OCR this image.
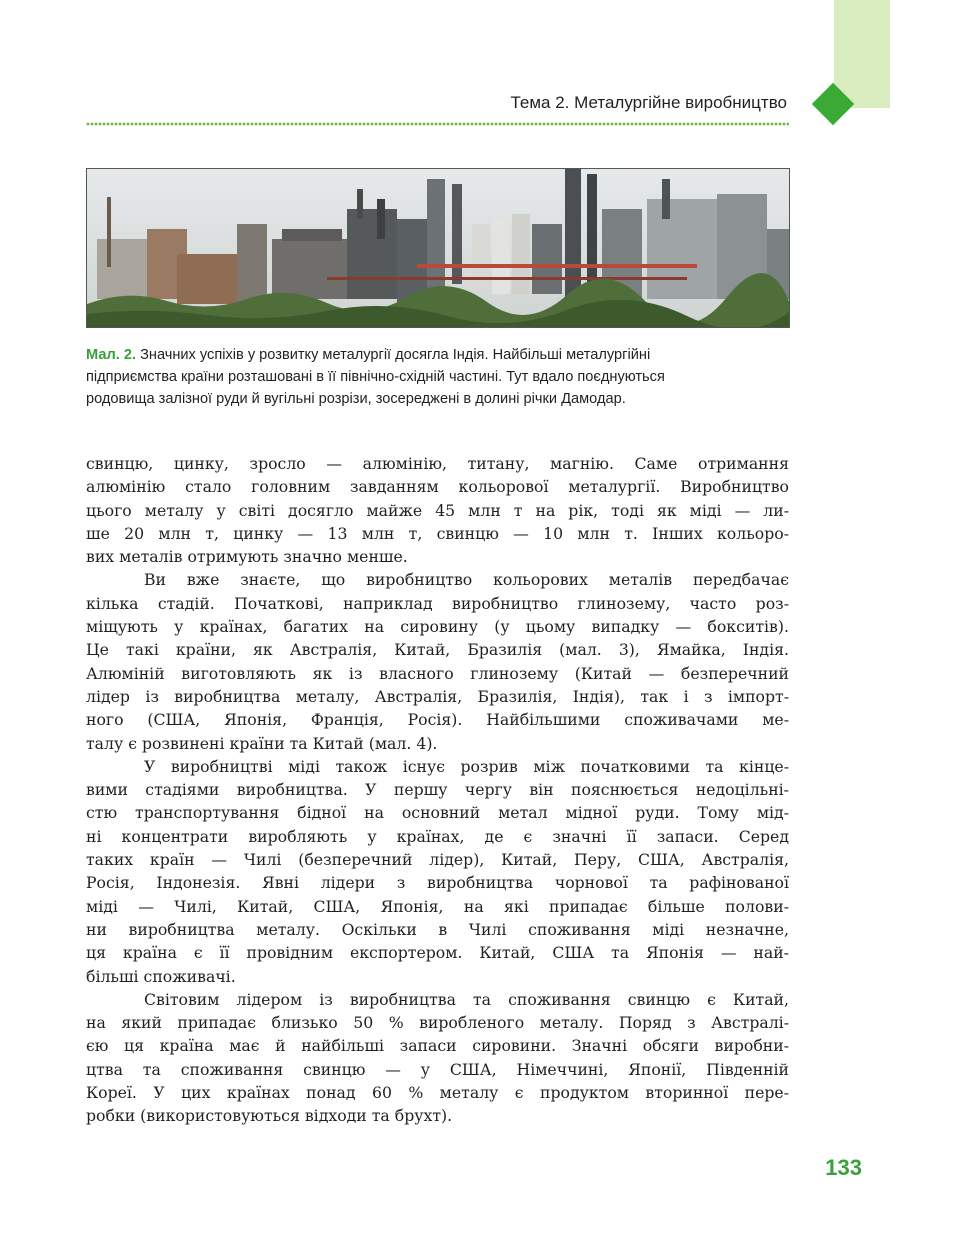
Тема 2. Металургійне виробництво
Мал. 2. Значних успіхів у розвитку металургії досягла Індія. Найбільші металургійні
підприємства країни розташовані в її північно-східній частині. Тут вдало поєднуються
родовища залізної руди й вугільні розрізи, зосереджені в долині річки Дамодар.

свинцю, цинку, зросло — алюмінію, титану, магнію. Саме отримання
алюмінію стало головним завданням кольорової металургії. Виробництво
цього металу у світі досягло майже 45 млн т на рік, тоді як міді — ли-
ше 20 млн т, цинку — 13 млн т, свинцю — 10 млн т. Інших кольоро-
вих металів отримують значно менше.

Ви вже знаєте, що виробництво кольорових металів передбачає
кілька стадій. Початкові, наприклад виробництво глинозему, часто роз-
міщують у країнах, багатих на сировину (у цьому випадку — бокситів).
Це такі країни, як Австралія, Китай, Бразилія (мал. 3), Ямайка, Індія.
Алюміній виготовляють як із власного глинозему (Китай — безперечний
лідер із виробництва металу, Австралія, Бразилія, Індія), так і з імпорт-
ного (США, Японія, Франція, Росія). Найбільшими споживачами ме-
талу є розвинені країни та Китай (мал. 4).

У виробництві міді також існує розрив між початковими та кінце-
вими стадіями виробництва. У першу чергу він пояснюється недоцільні-
стю транспортування бідної на основний метал мідної руди. Тому мід-
ні концентрати виробляють у країнах, де є значні її запаси. Серед
таких країн — Чилі (безперечний лідер), Китай, Перу, США, Австралія,
Росія, Індонезія. Явні лідери з виробництва чорнової та рафінованої
міді — Чилі, Китай, США, Японія, на які припадає більше полови-
ни виробництва металу. Оскільки в Чилі споживання міді незначне,
ця країна є її провідним експортером. Китай, США та Японія — най-
більші споживачі.

Світовим лідером із виробництва та споживання свинцю є Китай,
на який припадає близько 50 % виробленого металу. Поряд з Австралі-
єю ця країна має й найбільші запаси сировини. Значні обсяги виробни-
цтва та споживання свинцю — у США, Німеччині, Японії, Південній
Кореї. У цих країнах понад 60 % металу є продуктом вторинної пере-
робки (використовуються відходи та брухт).

133
